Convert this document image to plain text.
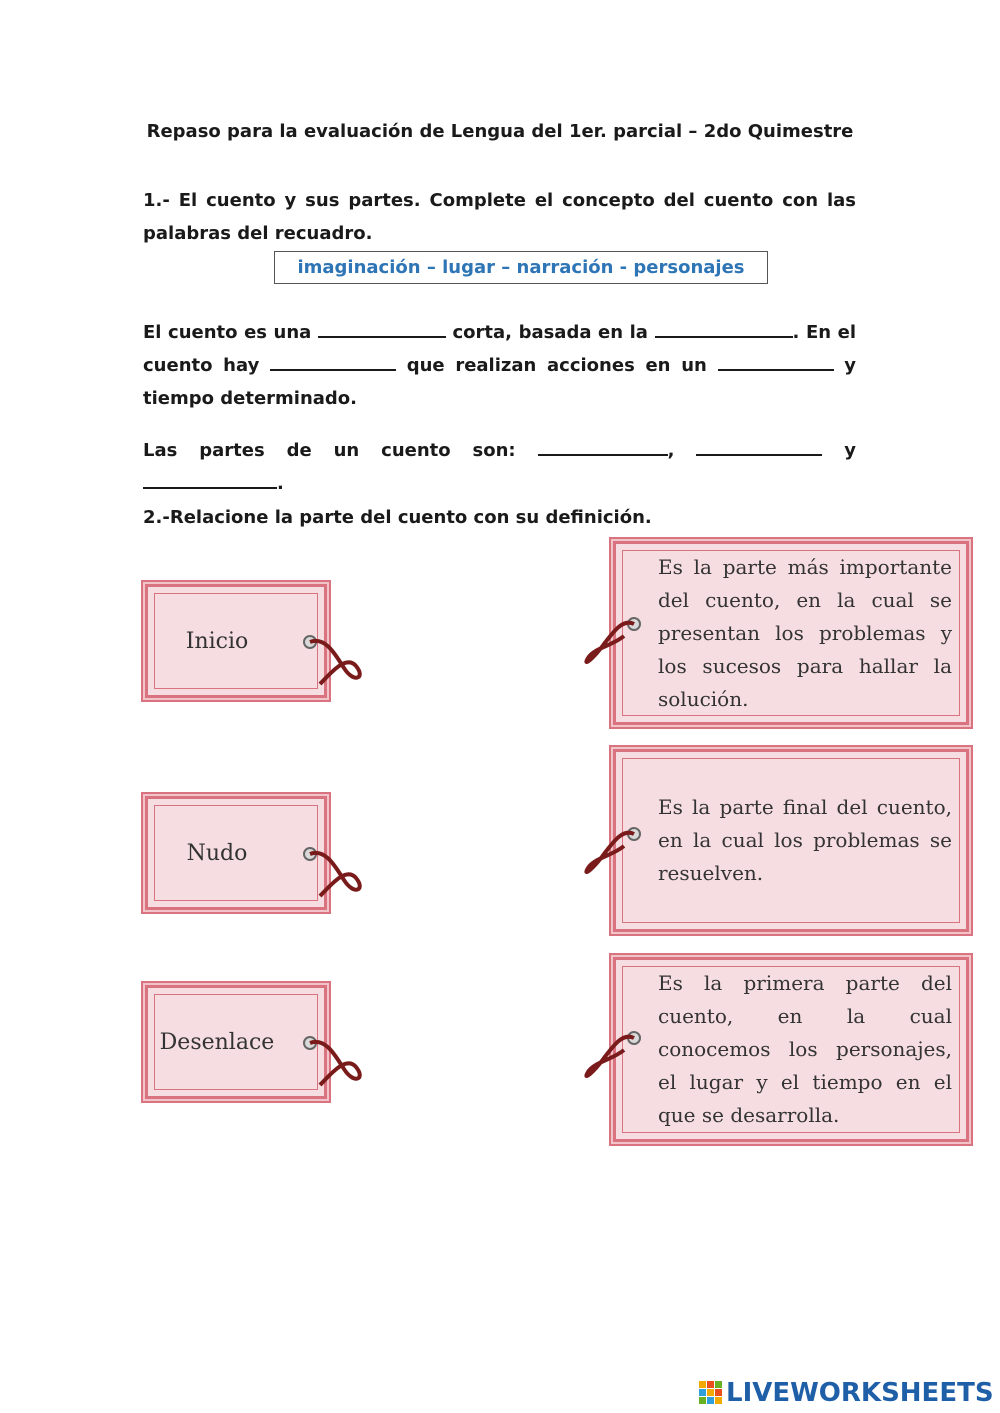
Repaso para la evaluación de Lengua del 1er. parcial – 2do Quimestre
1.- El cuento y sus partes. Complete el concepto del cuento con las palabras del recuadro.
imaginación – lugar – narración - personajes
El cuento es una	corta, basada en la	. En el cuento hay	que realizan acciones en un	y tiempo determinado.
Las partes de un cuento son:	,	y .
2.-Relacione la parte del cuento con su definición.
Inicio
Nudo
Desenlace
Es la parte más importante del cuento, en la cual se presentan los problemas y los sucesos para hallar la solución.
Es la parte final del cuento, en la cual los problemas se resuelven.
Es la primera parte del cuento, en la cual conocemos los personajes, el lugar y el tiempo en el que se desarrolla.
LIVEWORKSHEETS
